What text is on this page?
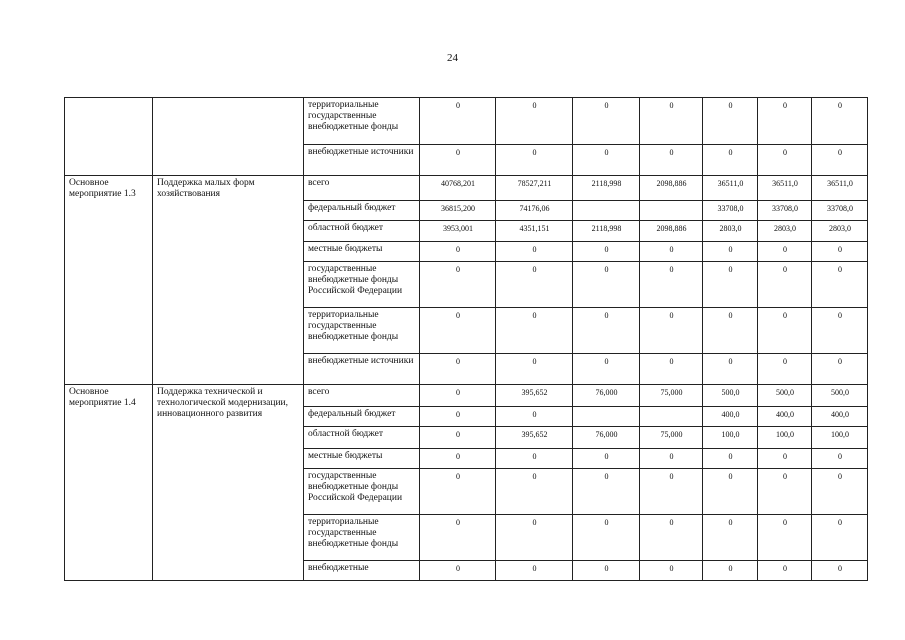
24
		территориальные государственные внебюджетные фонды	0	0	0	0	0	0	0
		внебюджетные источники	0	0	0	0	0	0	0
Основное мероприятие 1.3	Поддержка малых форм хозяйствования	всего	40768,201	78527,211	2118,998	2098,886	36511,0	36511,0	36511,0
		федеральный бюджет	36815,200	74176,06			33708,0	33708,0	33708,0
		областной бюджет	3953,001	4351,151	2118,998	2098,886	2803,0	2803,0	2803,0
		местные бюджеты	0	0	0	0	0	0	0
		государственные внебюджетные фонды Российской Федерации	0	0	0	0	0	0	0
		территориальные государственные внебюджетные фонды	0	0	0	0	0	0	0
		внебюджетные источники	0	0	0	0	0	0	0
Основное мероприятие 1.4	Поддержка технической и технологической модернизации, инновационного развития	всего	0	395,652	76,000	75,000	500,0	500,0	500,0
		федеральный бюджет	0	0			400,0	400,0	400,0
		областной бюджет	0	395,652	76,000	75,000	100,0	100,0	100,0
		местные бюджеты	0	0	0	0	0	0	0
		государственные внебюджетные фонды Российской Федерации	0	0	0	0	0	0	0
		территориальные государственные внебюджетные фонды	0	0	0	0	0	0	0
		внебюджетные	0	0	0	0	0	0	0
